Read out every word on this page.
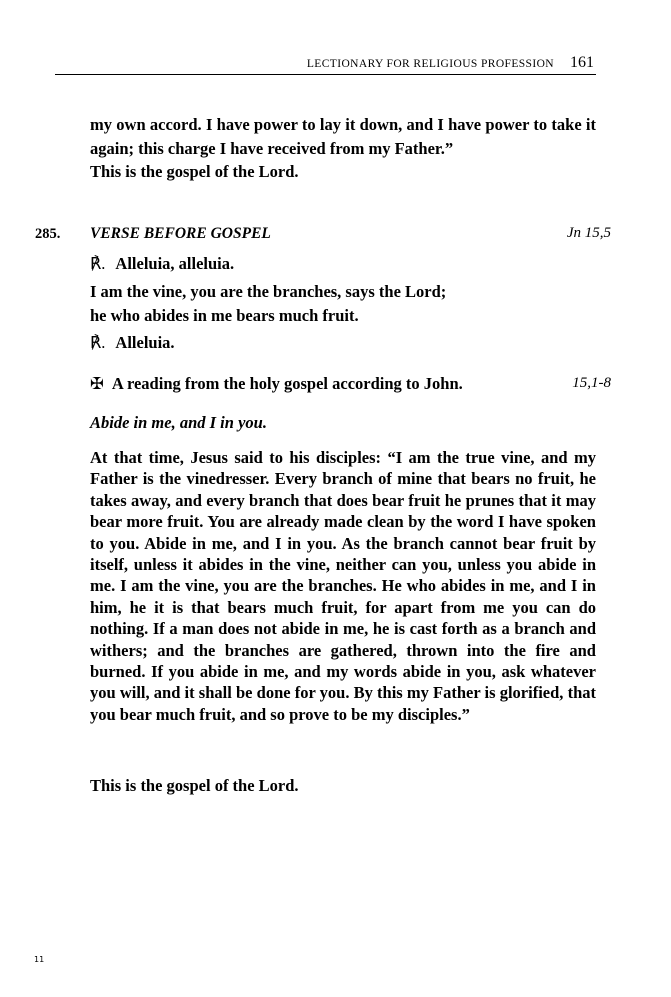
LECTIONARY FOR RELIGIOUS PROFESSION 161

my own accord. I have power to lay it down, and I have power to take it again; this charge I have received from my Father.”

This is the gospel of the Lord.

285. VERSE BEFORE GOSPEL	Jn 15,5

℟. Alleluia, alleluia.

I am the vine, you are the branches, says the Lord;
he who abides in me bears much fruit.

℟. Alleluia.

✠ A reading from the holy gospel according to John.	15,1-8

Abide in me, and I in you.

At that time, Jesus said to his disciples: “I am the true vine, and my Father is the vinedresser. Every branch of mine that bears no fruit, he takes away, and every branch that does bear fruit he prunes that it may bear more fruit. You are already made clean by the word I have spoken to you. Abide in me, and I in you. As the branch cannot bear fruit by itself, unless it abides in the vine, neither can you, unless you abide in me. I am the vine, you are the branches. He who abides in me, and I in him, he it is that bears much fruit, for apart from me you can do nothing. If a man does not abide in me, he is cast forth as a branch and withers; and the branches are gathered, thrown into the fire and burned. If you abide in me, and my words abide in you, ask whatever you will, and it shall be done for you. By this my Father is glorified, that you bear much fruit, and so prove to be my disciples.”

This is the gospel of the Lord.

11
